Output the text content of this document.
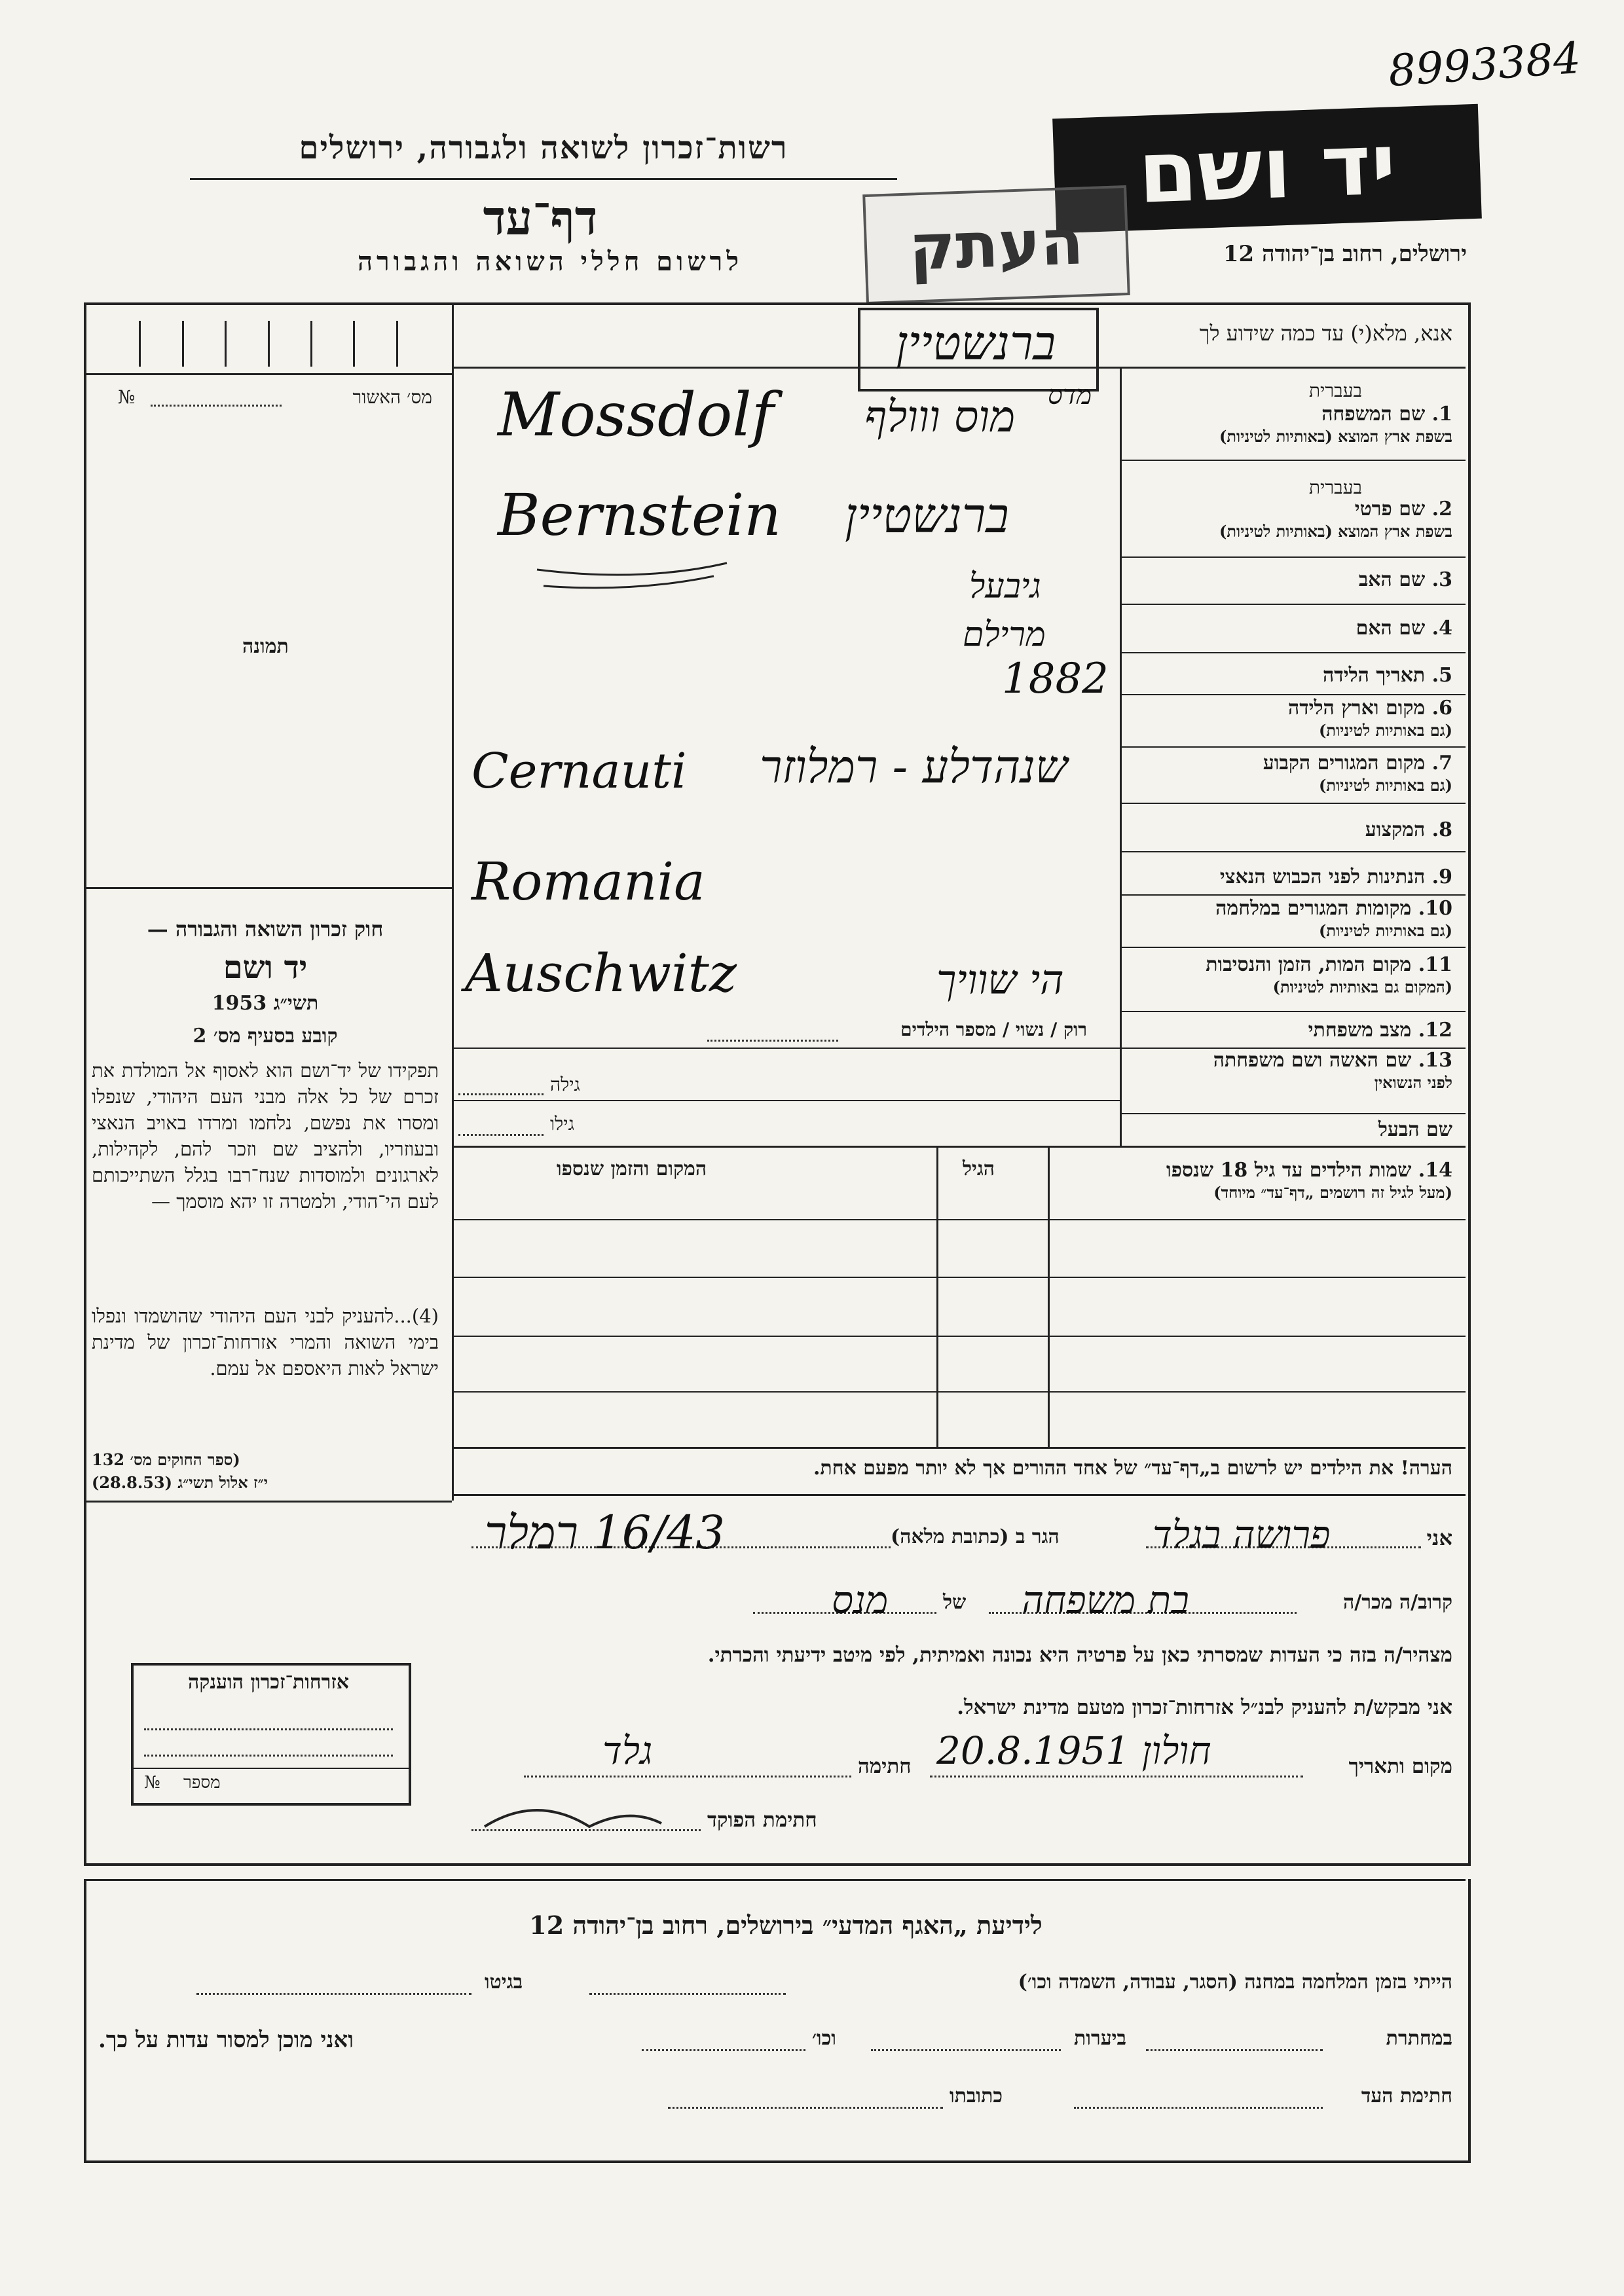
8993384
רשות־זכרון לשואה ולגבורה, ירושלים
דף־עד
לרשום חללי השואה והגבורה
יד ושם
ירושלים, רחוב בן־יהודה 12
העתק
אנא, מלא(י) עד כמה שידוע לך
ברנשטיין
מס׳ האשור
№
תמונה
1. שם המשפחה
בשפת ארץ המוצא (באותיות לטיניות)
בעברית
2. שם פרטי
בשפת ארץ המוצא (באותיות לטיניות)
בעברית
3. שם האב
4. שם האם
5. תאריך הלידה
6. מקום וארץ הלידה
(גם באותיות לטיניות)
7. מקום המגורים הקבוע
(גם באותיות לטיניות)
8. המקצוע
9. הנתינות לפני הכבוש הנאצי
10. מקומות המגורים במלחמה
(גם באותיות לטיניות)
11. מקום המות, הזמן והנסיבות
(המקום גם באותיות לטיניות)
12. מצב משפחתי
רוק / נשוי / מספר הילדים
13. שם האשה ושם משפחתה
לפני הנשואין
גילה
שם הבעל
גילו
14. שמות הילדים עד גיל 18 שנספו
(מעל לגיל זה רושמים „דף־עד״ מיוחד)
הגיל
המקום והזמן שנספו
הערה! את הילדים יש לרשום ב„דף־עד״ של אחד ההורים אך לא יותר מפעם אחת.
חוק זכרון השואה והגבורה —
יד ושם
תשי״ג 1953
קובע בסעיף מס׳ 2
תפקידו של יד־ושם הוא לאסוף אל המולדת את זכרם של כל אלה מבני העם היהודי, שנפלו ומסרו את נפשם, נלחמו ומרדו באויב הנאצי ובעוזריו, ולהציב שם וזכר להם, לקהילות, לארגונים ולמוסדות שנח־רבו בגלל השתייכותם לעם הי־הודי, ולמטרה זו יהא מוסמך —
(4)...להעניק לבני העם היהודי שהושמדו ונפלו בימי השואה והמרי אזרחות־זכרון של מדינת ישראל לאות היאספם אל עמם.
(ספר החוקים מס׳ 132
י״ז אלול תשי״ג (28.8.53)
אזרחות־זכרון הוענקה
מספר
№
אני
הגר ב (כתובת מלאה)
קרוב/ה מכר/ה
של
מצהיר/ה בזה כי העדות שמסרתי כאן על פרטיה היא נכונה ואמיתית, לפי מיטב ידיעתי והכרתי.
אני מבקש/ת להעניק לבנ״ל אזרחות־זכרון מטעם מדינת ישראל.
מקום ותאריך
חתימה
חתימת הפוקד
Mossdolf מוס ווולף מדס
Bernstein ברנשטיין
גיבעל
מרילם
1882
Cernauti שנהדלע - רמלוזר
Romania
Auschwitz	הי שוויך
פרושה בגלד
16/43 רמלר
בת משפחה
מנס
חולון 20.8.1951
גלד
לידיעת „האגף המדעי״ בירושלים, רחוב בן־יהודה 12
הייתי בזמן המלחמה במחנה (הסגר, עבודה, השמדה וכו׳)
בגיטו
במחתרת
ביערות
וכו׳
ואני מוכן למסור עדות על כך.
חתימת העד
כתובתו
